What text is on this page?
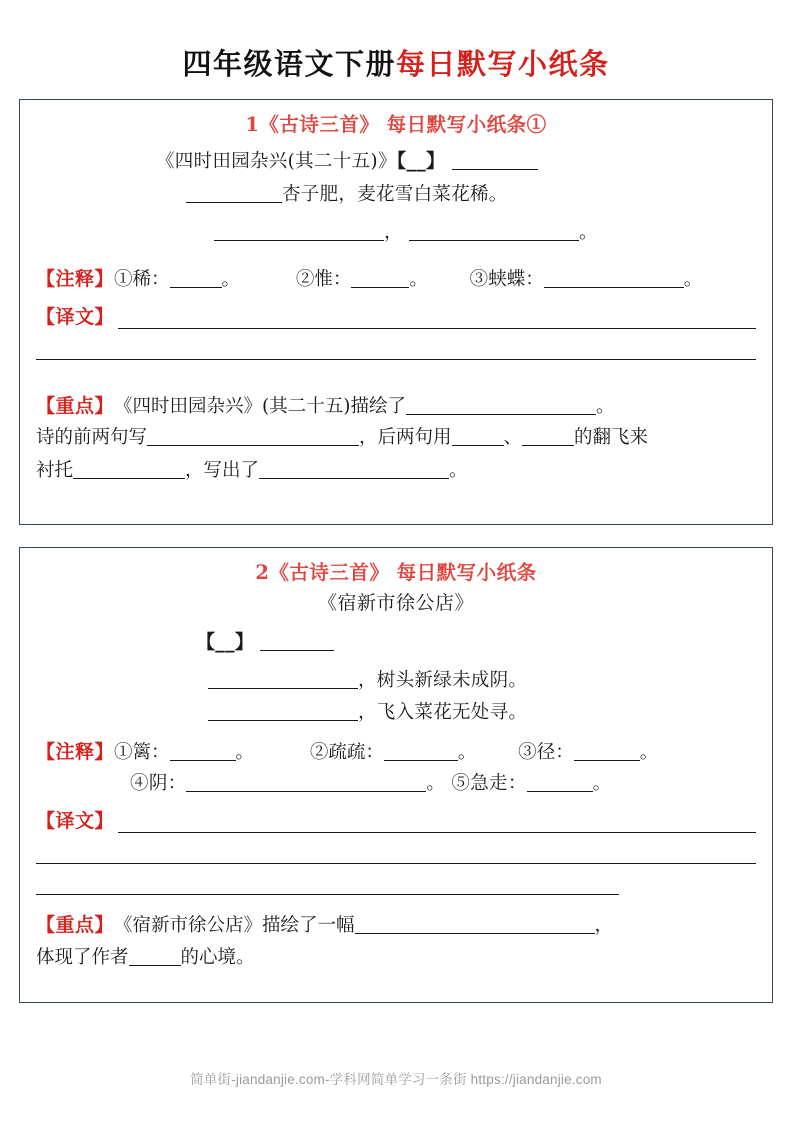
四年级语文下册每日默写小纸条
1《古诗三首》 每日默写小纸条①
《四时田园杂兴(其二十五)》【__】
杏子肥，麦花雪白菜花稀。
，	。
【注释】 ①稀：	。	②惟：	。 ③蛱蝶：	。
【译文】
【重点】 《四时田园杂兴》(其二十五)描绘了	。
诗的前两句写	，后两句用	、	的翻飞来
衬托	，写出了	。
2《古诗三首》 每日默写小纸条
《宿新市徐公店》
【__】
，树头新绿未成阴。
，飞入菜花无处寻。
【注释】 ①篱：	。	②疏疏：	。 ③径：	。
④阴：	。 ⑤急走：	。
【译文】
【重点】 《宿新市徐公店》描绘了一幅	，
体现了作者	的心境。
简单街-jiandanjie.com-学科网简单学习一条街 https://jiandanjie.com
